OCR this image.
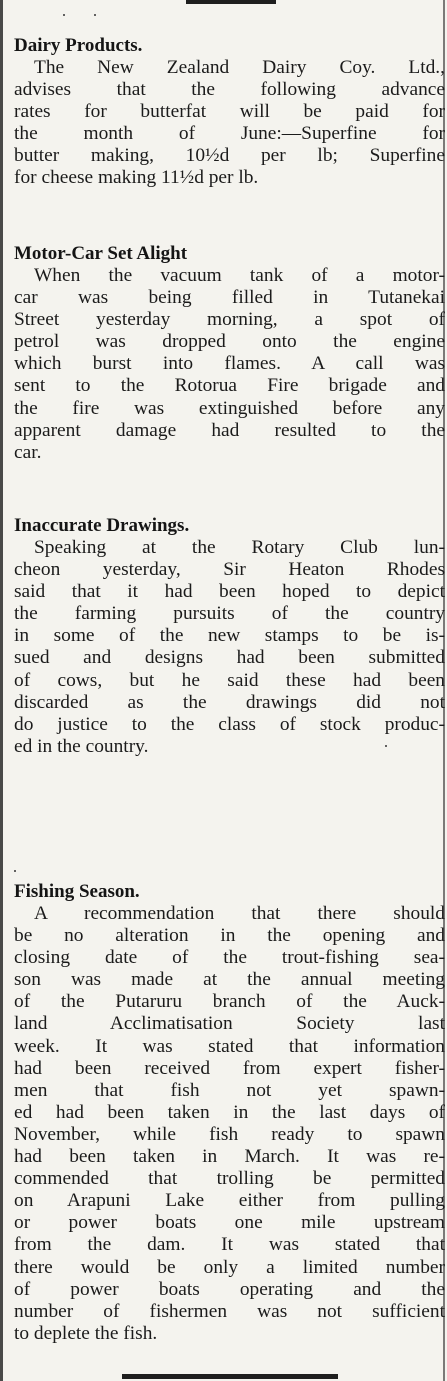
Dairy Products.
The New Zealand Dairy Coy. Ltd.,
advises that the following advance
rates for butterfat will be paid for
the month of June:—Superfine for
butter making, 10½d per lb; Superfine
for cheese making 11½d per lb.
Motor-Car Set Alight
When the vacuum tank of a motor-
car was being filled in Tutanekai
Street yesterday morning, a spot of
petrol was dropped onto the engine
which burst into flames. A call was
sent to the Rotorua Fire brigade and
the fire was extinguished before any
apparent damage had resulted to the
car.
Inaccurate Drawings.
Speaking at the Rotary Club lun-
cheon yesterday, Sir Heaton Rhodes
said that it had been hoped to depict
the farming pursuits of the country
in some of the new stamps to be is-
sued and designs had been submitted
of cows, but he said these had been
discarded as the drawings did not
do justice to the class of stock produc-
ed in the country.
Fishing Season.
A recommendation that there should
be no alteration in the opening and
closing date of the trout-fishing sea-
son was made at the annual meeting
of the Putaruru branch of the Auck-
land Acclimatisation Society last
week. It was stated that information
had been received from expert fisher-
men that fish not yet spawn-
ed had been taken in the last days of
November, while fish ready to spawn
had been taken in March. It was re-
commended that trolling be permitted
on Arapuni Lake either from pulling
or power boats one mile upstream
from the dam. It was stated that
there would be only a limited number
of power boats operating and the
number of fishermen was not sufficient
to deplete the fish.
